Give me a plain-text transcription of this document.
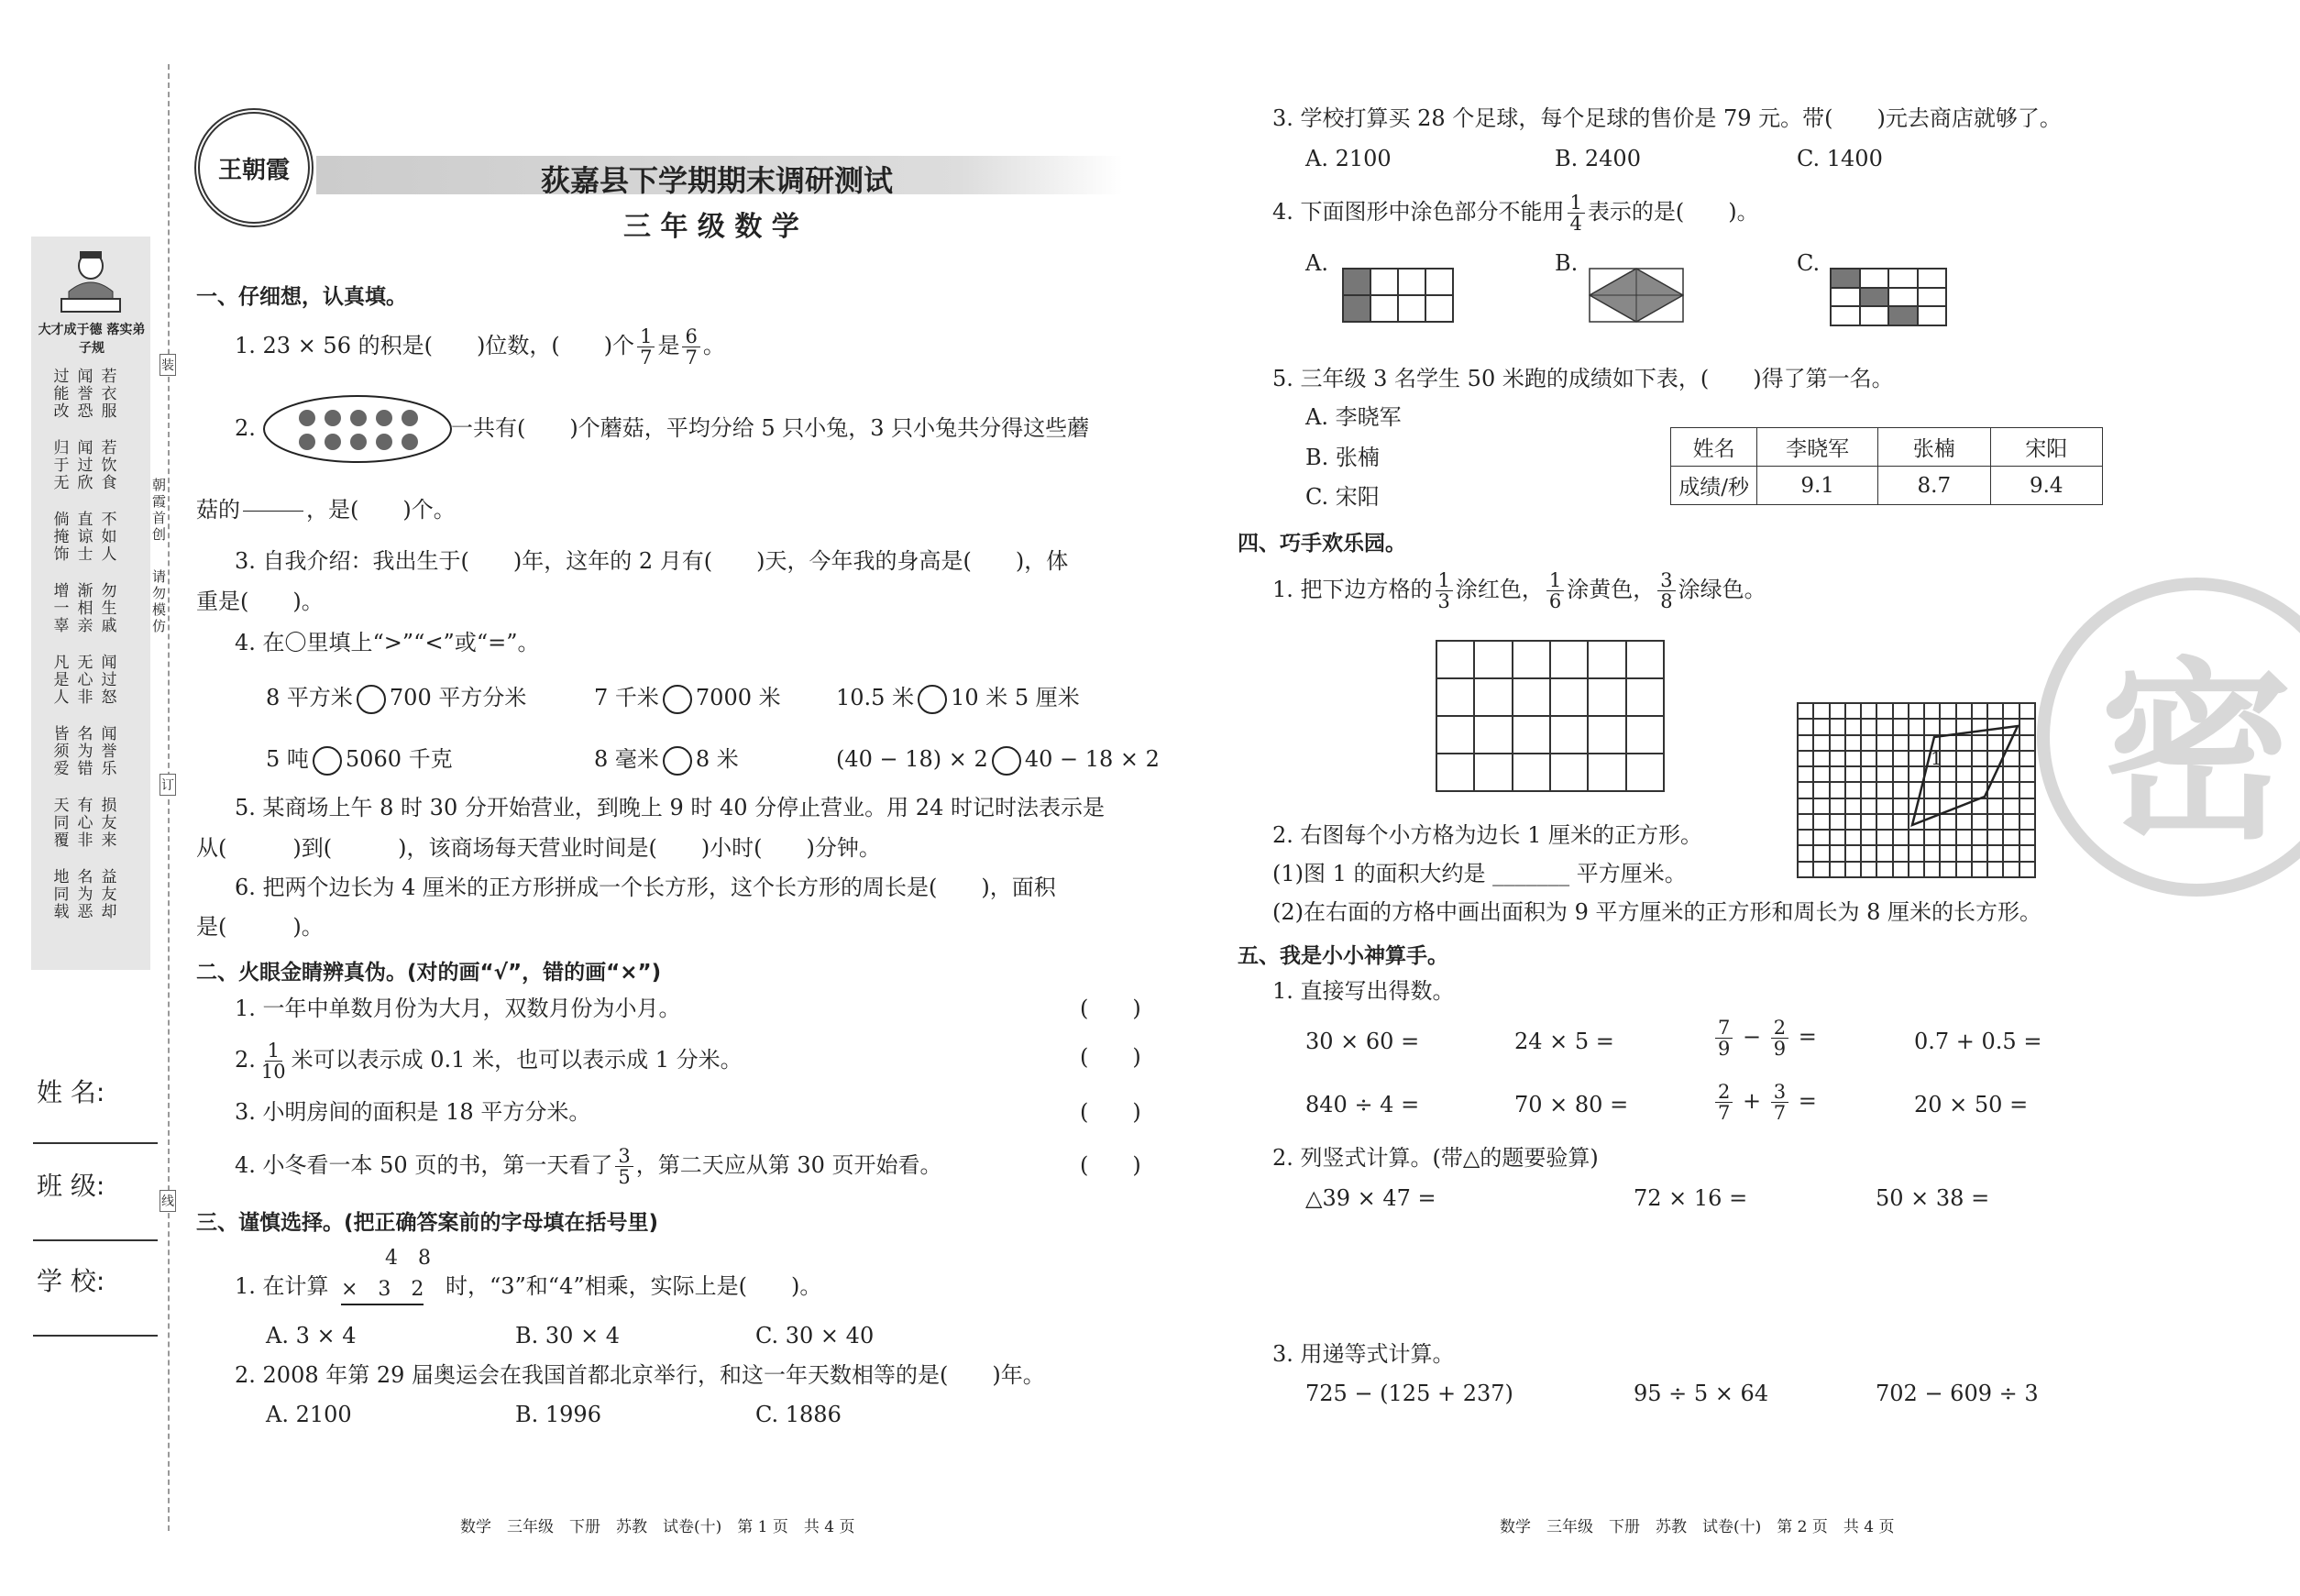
大才成于德 落实弟子规
过能改
归于无
倘掩饰
增一辜
凡是人
皆须爱
天同覆
地同载
闻誉恐
闻过欣
直谅士
渐相亲
无心非
名为错
有心非
名为恶
若衣服
若饮食
不如人
勿生戚
闻过怒
闻誉乐
损友来
益友却
朝霞首创
请勿模仿
装
订
线
姓 名:
班 级:
学 校:
王朝霞	荻嘉县下学期期末调研测试
三 年 级 数 学
一、仔细想，认真填。
1. 23 × 56 的积是(　　)位数，(　　)个 $\frac{1}{7}$ 是 $\frac{6}{7}$ 。
2.	一共有(　　)个蘑菇，平均分给 5 只小兔，3 只小兔共分得这些蘑
菇的

	，是(　　)个。
3. 自我介绍：我出生于(　　)年，这年的 2 月有(　　)天，今年我的身高是(　　)，体
重是(　　)。
4. 在〇里填上“>”“<”或“=”。
8 平方米 700 平方分米	7 千米 7000 米	10.5 米 10 米 5 厘米
5 吨 5060 千克	8 毫米 8 米	(40 − 18) × 2 40 − 18 × 2
5. 某商场上午 8 时 30 分开始营业，到晚上 9 时 40 分停止营业。用 24 时记时法表示是
从(　　　)到(　　　)，该商场每天营业时间是(　　)小时(　　)分钟。
6. 把两个边长为 4 厘米的正方形拼成一个长方形，这个长方形的周长是(　　)，面积
是(　　　)。
二、火眼金睛辨真伪。(对的画“√”，错的画“×”)
1. 一年中单数月份为大月，双数月份为小月。
2. $\frac{1}{10}$ 米可以表示成 0.1 米，也可以表示成 1 分米。
3. 小明房间的面积是 18 平方分米。
4. 小冬看一本 50 页的书，第一天看了 $\frac{3}{5}$ ，第二天应从第 30 页开始看。
(　　)
(　　)
(　　)
(　　)
三、谨慎选择。(把正确答案前的字母填在括号里)
1. 在计算
4　8
×　3　2 时，“3”和“4”相乘，实际上是(　　)。
A. 3 × 4	B. 30 × 4	C. 30 × 40
2. 2008 年第 29 届奥运会在我国首都北京举行，和这一年天数相等的是(　　)年。
A. 2100	B. 1996	C. 1886
数学　三年级　下册　苏教　试卷(十)　第 1 页　共 4 页
密
3. 学校打算买 28 个足球，每个足球的售价是 79 元。带(　　)元去商店就够了。
A. 2100	B. 2400	C. 1400
4. 下面图形中涂色部分不能用 $\frac{1}{4}$ 表示的是(　　)。
A.	B.	C.
5. 三年级 3 名学生 50 米跑的成绩如下表，(　　)得了第一名。
A. 李晓军
B. 张楠
C. 宋阳
姓名	李晓军	张楠	宋阳
成绩/秒	9.1	8.7	9.4
四、巧手欢乐园。
1. 把下边方格的 $\frac{1}{3}$ 涂红色， $\frac{1}{6}$ 涂黄色， $\frac{3}{8}$ 涂绿色。
1
2. 右图每个小方格为边长 1 厘米的正方形。
(1)图 1 的面积大约是 _______ 平方厘米。
(2)在右面的方格中画出面积为 9 平方厘米的正方形和周长为 8 厘米的长方形。
五、我是小小神算手。
1. 直接写出得数。
30 × 60 =	24 × 5 =	$\frac{7}{9} - \frac{2}{9}$ =	0.7 + 0.5 =
840 ÷ 4 =	70 × 80 =	$\frac{2}{7} + \frac{3}{7}$ =	20 × 50 =
2. 列竖式计算。(带△的题要验算)
△39 × 47 =	72 × 16 =	50 × 38 =
3. 用递等式计算。
725 − (125 + 237)	95 ÷ 5 × 64	702 − 609 ÷ 3
数学　三年级　下册　苏教　试卷(十)　第 2 页　共 4 页
